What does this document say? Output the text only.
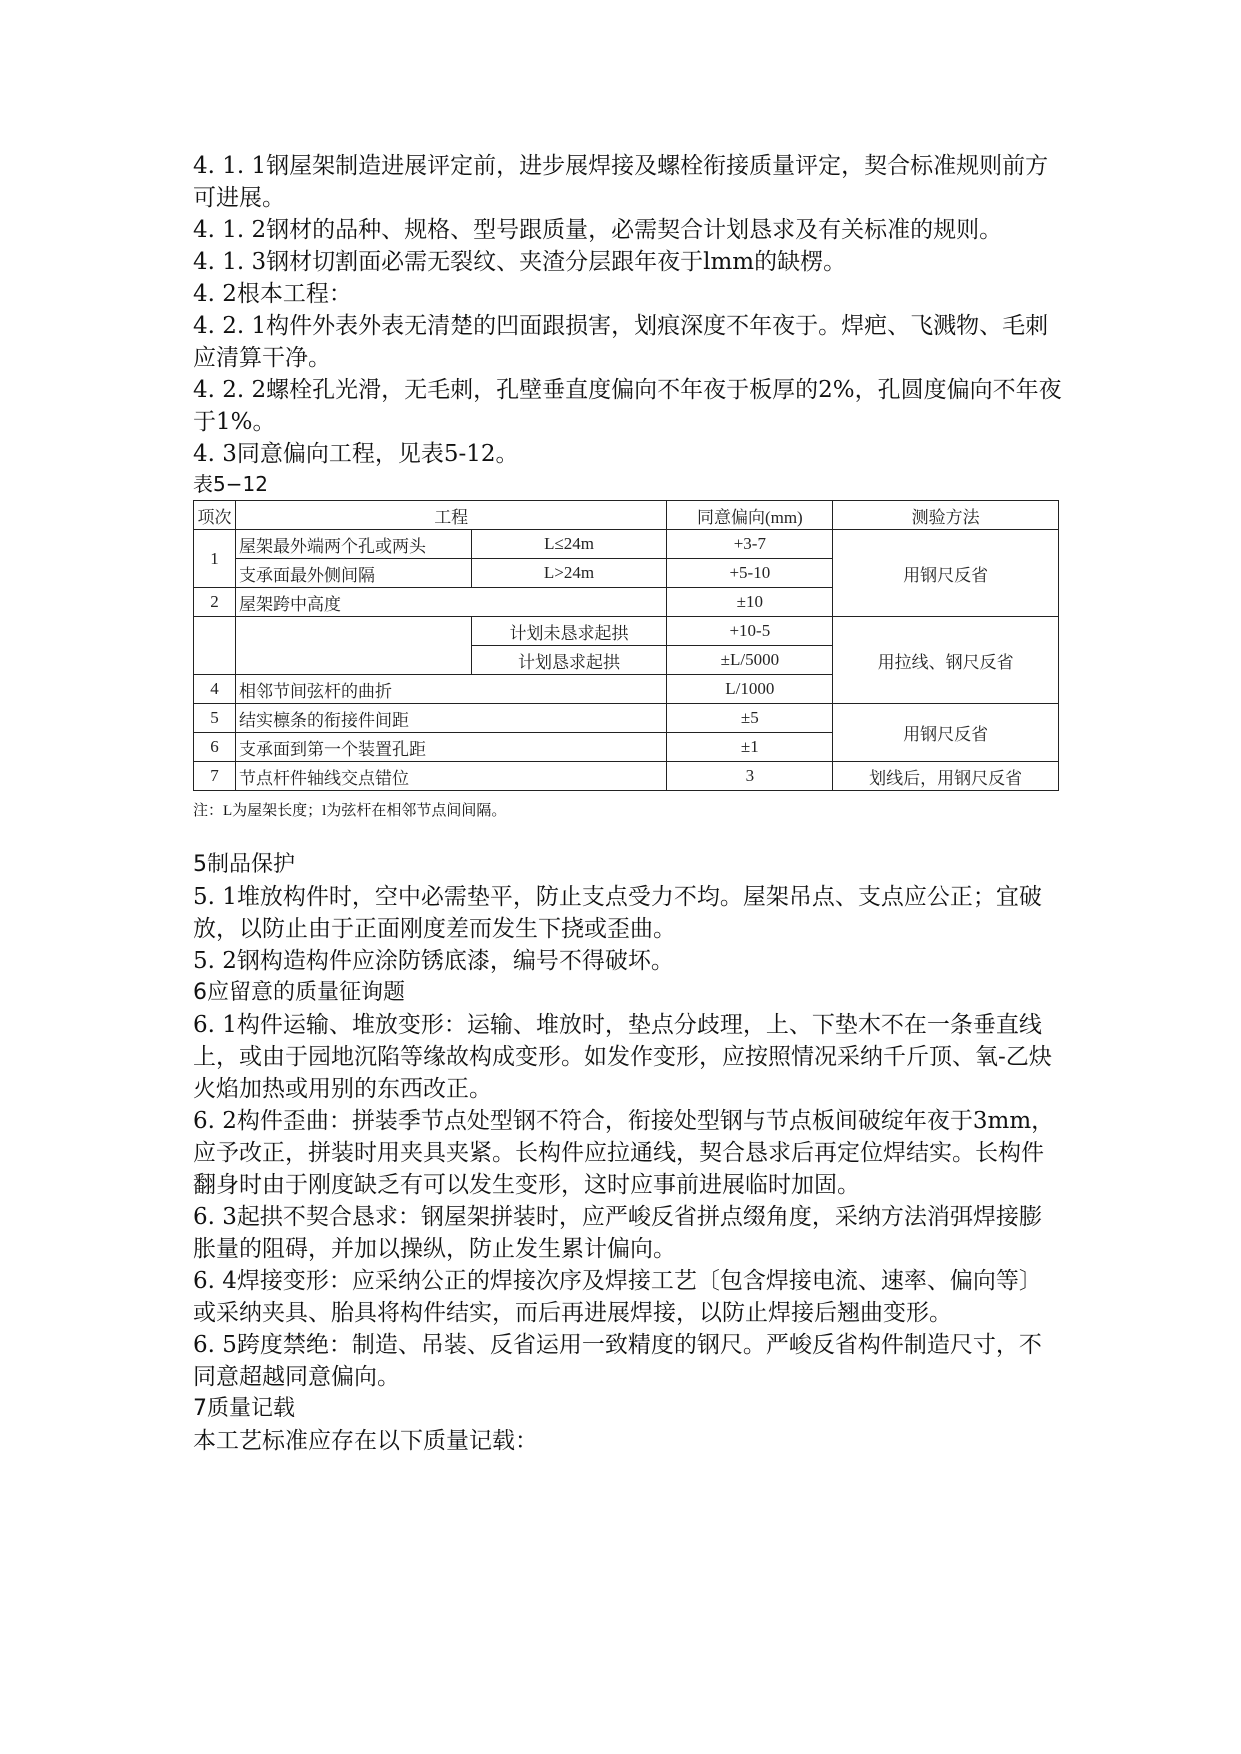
4. 1. 1钢屋架制造进展评定前，进步展焊接及螺栓衔接质量评定，契合标准规则前方可进展。

4. 1. 2钢材的品种、规格、型号跟质量，必需契合计划恳求及有关标准的规则。

4. 1. 3钢材切割面必需无裂纹、夹渣分层跟年夜于lmm的缺楞。

4. 2根本工程：

4. 2. 1构件外表外表无清楚的凹面跟损害，划痕深度不年夜于。焊疤、飞溅物、毛刺应清算干净。

4. 2. 2螺栓孔光滑，无毛刺，孔壁垂直度偏向不年夜于板厚的2%，孔圆度偏向不年夜于1%。

4. 3同意偏向工程，见表5-12。

表5−12

项次	工程		同意偏向(mm)	测验方法
1	屋架最外端两个孔或两头	L≤24m	+3-7	用钢尺反省
	支承面最外侧间隔	L>24m	+5-10	
2	屋架跨中高度		±10	
		计划未恳求起拱	+10-5	用拉线、钢尺反省
		计划恳求起拱	±L/5000	
4	相邻节间弦杆的曲折		L/1000	
5	结实檩条的衔接件间距		±5	用钢尺反省
6	支承面到第一个装置孔距		±1	
7	节点杆件轴线交点错位		3	划线后，用钢尺反省

注：L为屋架长度；l为弦杆在相邻节点间间隔。

5制品保护

5. 1堆放构件时，空中必需垫平，防止支点受力不均。屋架吊点、支点应公正；宜破放，以防止由于正面刚度差而发生下挠或歪曲。

5. 2钢构造构件应涂防锈底漆，编号不得破坏。

6应留意的质量征询题

6. 1构件运输、堆放变形：运输、堆放时，垫点分歧理，上、下垫木不在一条垂直线上，或由于园地沉陷等缘故构成变形。如发作变形，应按照情况采纳千斤顶、氧-乙炔火焰加热或用别的东西改正。

6. 2构件歪曲：拼装季节点处型钢不符合，衔接处型钢与节点板间破绽年夜于3mm，应予改正，拼装时用夹具夹紧。长构件应拉通线，契合恳求后再定位焊结实。长构件翻身时由于刚度缺乏有可以发生变形，这时应事前进展临时加固。

6. 3起拱不契合恳求：钢屋架拼装时，应严峻反省拼点缀角度，采纳方法消弭焊接膨胀量的阻碍，并加以操纵，防止发生累计偏向。

6. 4焊接变形：应采纳公正的焊接次序及焊接工艺〔包含焊接电流、速率、偏向等〕或采纳夹具、胎具将构件结实，而后再进展焊接，以防止焊接后翘曲变形。

6. 5跨度禁绝：制造、吊装、反省运用一致精度的钢尺。严峻反省构件制造尺寸，不同意超越同意偏向。

7质量记载

本工艺标准应存在以下质量记载：
